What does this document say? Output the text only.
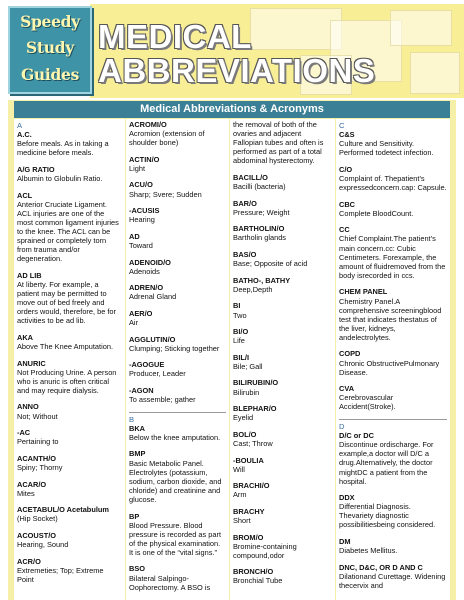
Speedy
Study
Guides
MEDICAL
ABBREVIATIONS
Medical Abbreviations & Acronyms
A
A.C.
Before meals. As in taking a medicine before meals.
A/G RATIO
Albumin to Globulin Ratio.
ACL
Anterior Cruciate Ligament. ACL injuries are one of the most common ligament injuries to the knee. The ACL can be sprained or completely torn from trauma and/or degeneration.
AD LIB
At liberty. For example, a patient may be permitted to move out of bed freely and orders would, therefore, be for activities to be ad lib.
AKA
Above The Knee Amputation.
ANURIC
Not Producing Urine. A person who is anuric is often critical and may require dialysis.
ANNO
Not; Without
-AC
Pertaining to
ACANTH/O
Spiny; Thorny
ACAR/O
Mites
ACETABUL/O Acetabulum
(Hip Socket)
ACOUST/O
Hearing, Sound
ACR/O
Extremeties; Top; Extreme Point
ACROMI/O
Acromion (extension of shoulder bone)
ACTIN/O
Light
ACU/O
Sharp; Svere; Sudden
-ACUSIS
Hearing
AD
Toward
ADENOID/O
Adenoids
ADREN/O
Adrenal Gland
AER/O
Air
AGGLUTIN/O
Clumping; Sticking together
-AGOGUE
Producer, Leader
-AGON
To assemble; gather
B
BKA
Below the knee amputation.
BMP
Basic Metabolic Panel. Electrolytes (potassium, sodium, carbon dioxide, and chloride) and creatinine and glucose.
BP
Blood Pressure. Blood pressure is recorded as part of the physical examination. It is one of the “vital signs.”
BSO
Bilateral Salpingo-Oophorectomy. A BSO is
the removal of both of the ovaries and adjacent Fallopian tubes and often is performed as part of a total abdominal hysterectomy.
BACILL/O
Bacilli (bacteria)
BAR/O
Pressure; Weight
BARTHOLIN/O
Bartholin glands
BAS/O
Base; Opposite of acid
BATHO-, BATHY
Deep,Depth
BI
Two
BI/O
Life
BIL/I
Bile; Gall
BILIRUBIN/O
Bilirubin
BLEPHAR/O
Eyelid
BOL/O
Cast; Throw
-BOULIA
Will
BRACHI/O
Arm
BRACHY
Short
BROM/O
Bromine-containing compound,odor
BRONCH/O
Bronchial Tube
C
C&S
Culture and Sensitivity. Performed todetect infection.
C/O
Complaint of. Thepatient’s expressedconcern.cap: Capsule.
CBC
Complete BloodCount.
CC
Chief Complaint.The patient’s main concern.cc: Cubic Centimeters. Forexample, the amount of fluidremoved from the body isrecorded in ccs.
CHEM PANEL
Chemistry Panel.A comprehensive screeningblood test that indicates thestatus of the liver, kidneys, andelectrolytes.
COPD
Chronic ObstructivePulmonary Disease.
CVA
Cerebrovascular Accident(Stroke).
D
D/C or DC
Discontinue ordischarge. For example,a doctor will D/C a drug.Alternatively, the doctor mightDC a patient from the hospital.
DDX
Differential Diagnosis. Thevariety diagnostic possibilitiesbeing considered.
DM
Diabetes Mellitus.
DNC, D&C, OR D AND C
Dilationand Curettage. Widening thecervix and
